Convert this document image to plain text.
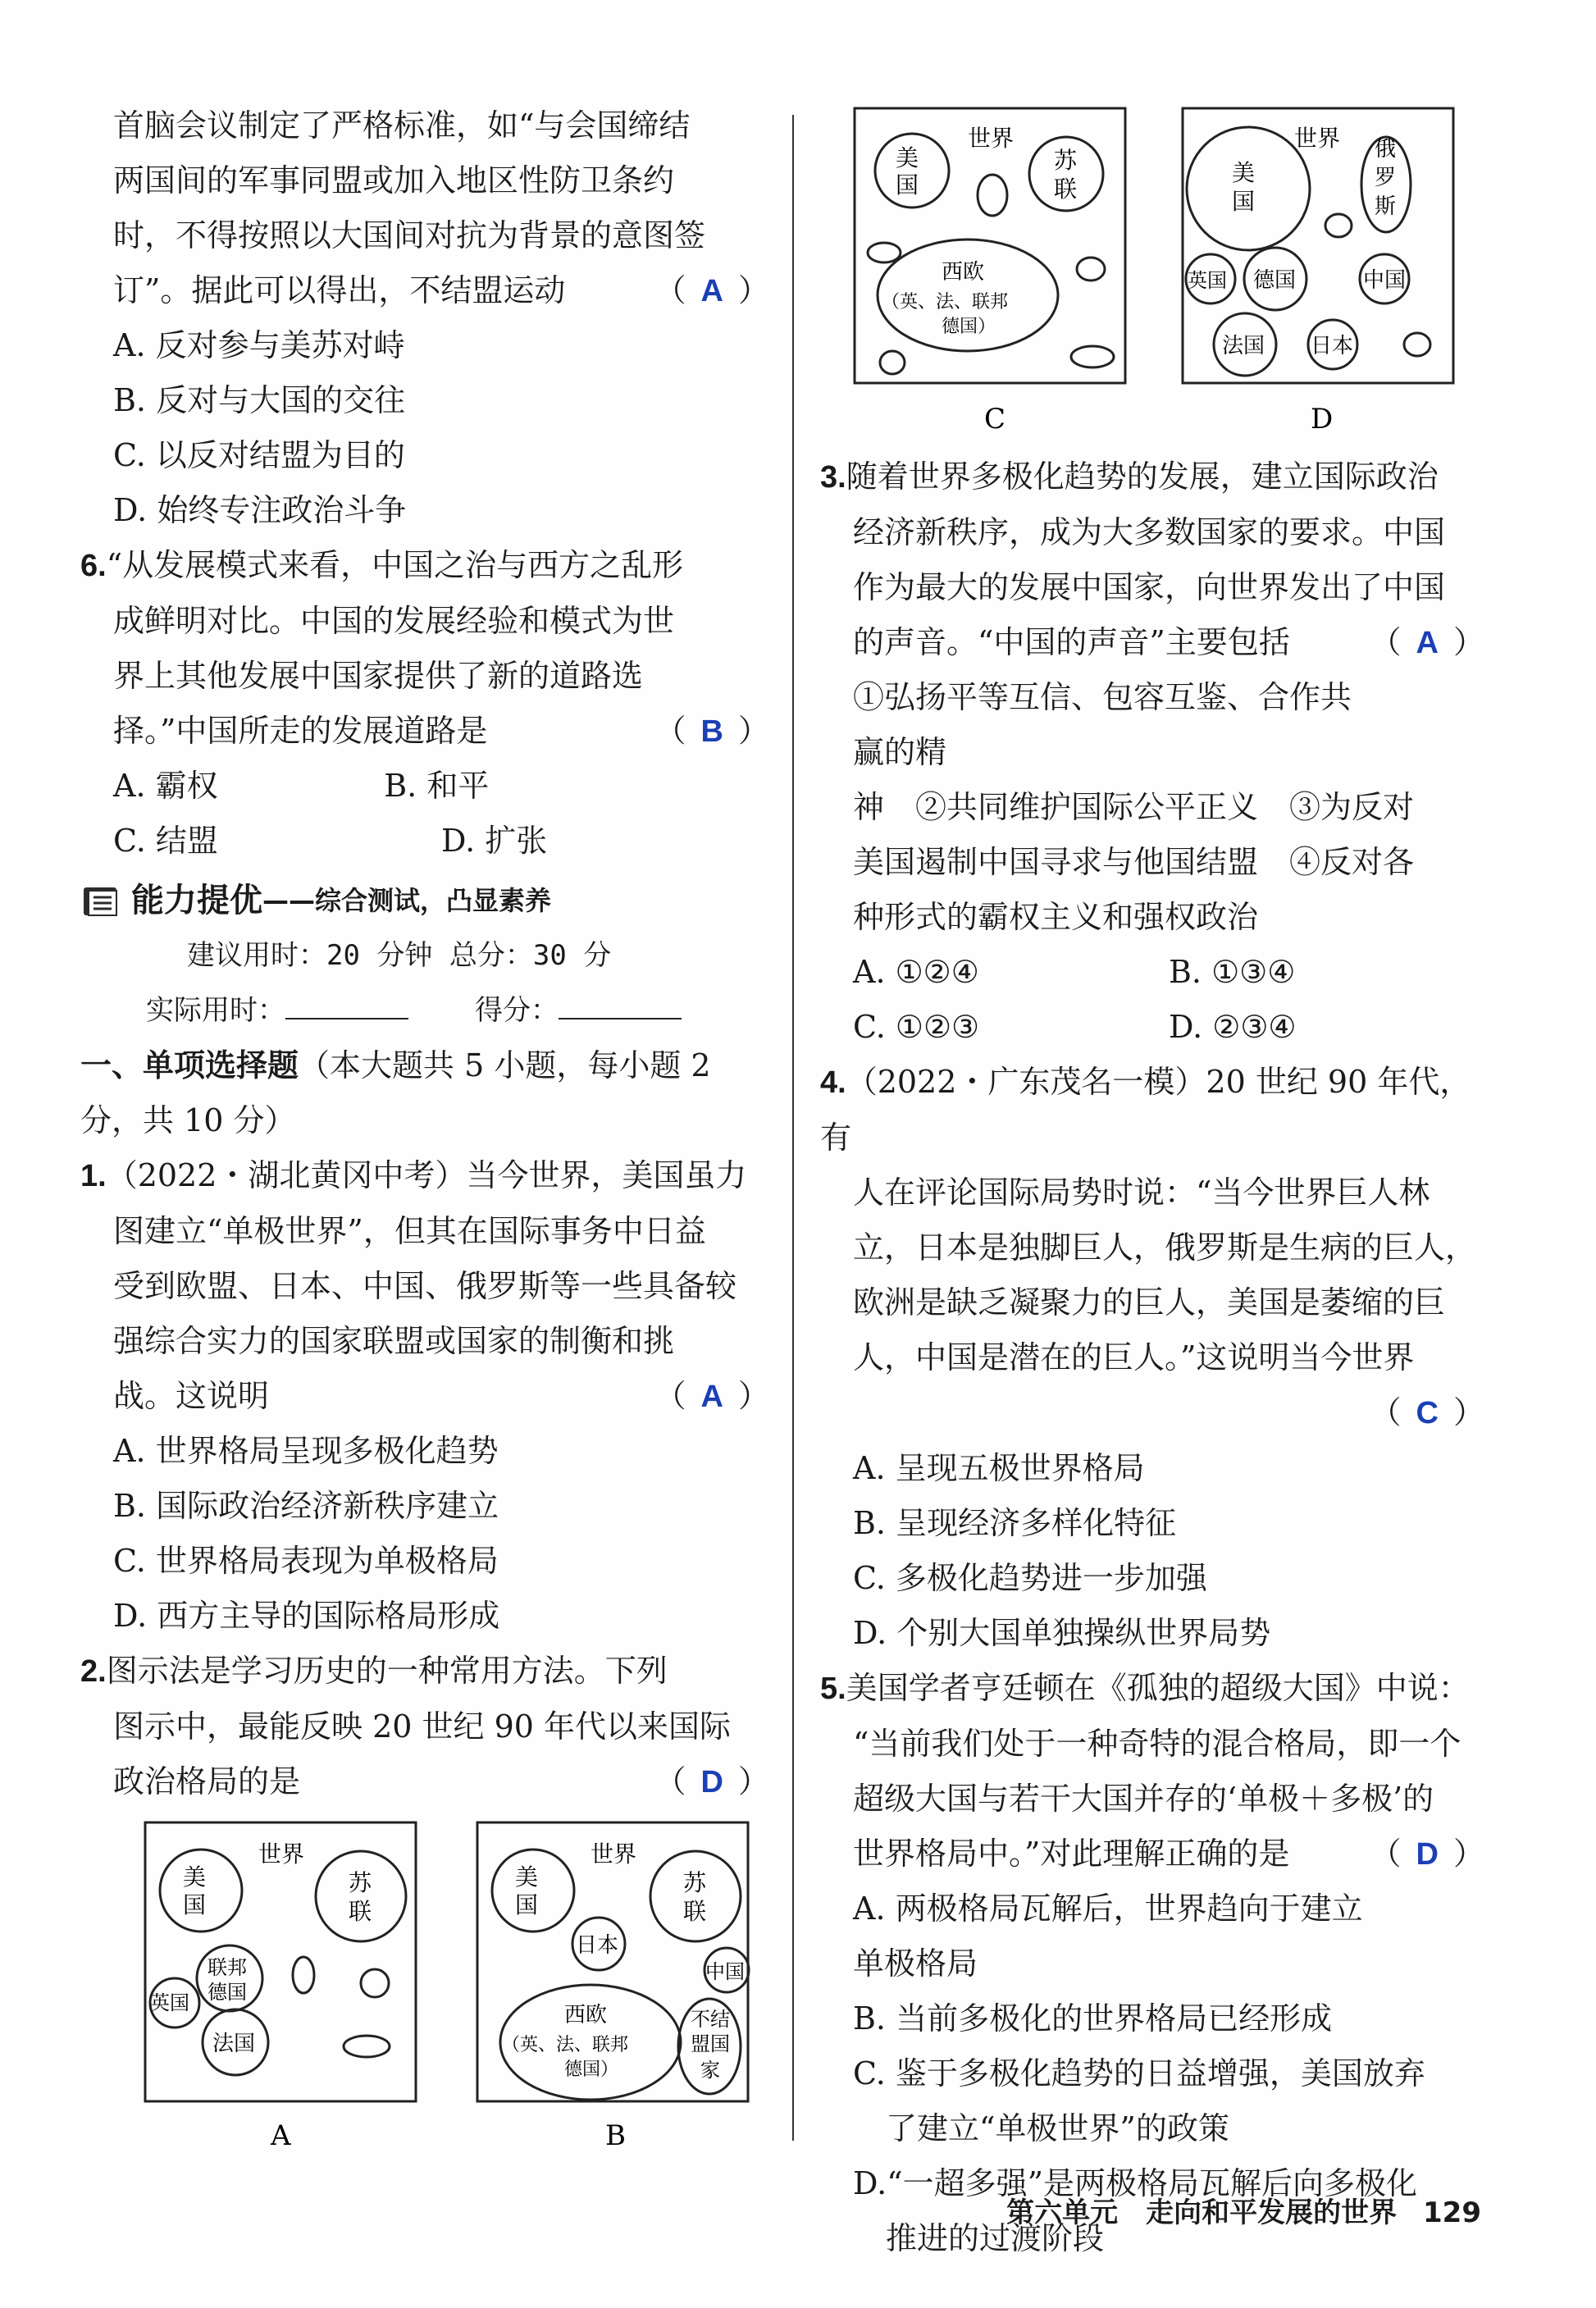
首脑会议制定了严格标准，如“与会国缔结

两国间的军事同盟或加入地区性防卫条约

时，不得按照以大国间对抗为背景的意图签

订”。据此可以得出，不结盟运动	（ A ）

A. 反对参与美苏对峙

B. 反对与大国的交往

C. 以反对结盟为目的

D. 始终专注政治斗争

6.“从发展模式来看，中国之治与西方之乱形

成鲜明对比。中国的发展经验和模式为世

界上其他发展中国家提供了新的道路选

择。”中国所走的发展道路是	（ B ）

A. 霸权	B. 和平
C. 结盟	D. 扩张
能力提优 ——综合测试，凸显素养

建议用时：20 分钟 总分：30 分

实际用时：	得分：

一、单项选择题（本大题共 5 小题，每小题 2 分，共 10 分）

1.（2022・湖北黄冈中考）当今世界，美国虽力

图建立“单极世界”，但其在国际事务中日益

受到欧盟、日本、中国、俄罗斯等一些具备较

强综合实力的国家联盟或国家的制衡和挑

战。这说明	（ A ）

A. 世界格局呈现多极化趋势

B. 国际政治经济新秩序建立

C. 世界格局表现为单极格局

D. 西方主导的国际格局形成

2.图示法是学习历史的一种常用方法。下列

图示中，最能反映 20 世纪 90 年代以来国际

政治格局的是	（ D ）

世界
美
国
苏
联
联邦
德国
英国
法国
A
世界
美
国
苏
联
日本
中国
西欧
（英、法、联邦
德国）
不结
盟国
家
B
世界
美
国
苏
联
西欧
（英、法、联邦
德国）
C
世界
美
国
俄
罗
斯
英国 德国	中国
法国 日本
D

3.随着世界多极化趋势的发展，建立国际政治

经济新秩序，成为大多数国家的要求。中国

作为最大的发展中国家，向世界发出了中国

的声音。“中国的声音”主要包括	（ A ）

①弘扬平等互信、包容互鉴、合作共赢的精

神　②共同维护国际公平正义　③为反对

美国遏制中国寻求与他国结盟　④反对各

种形式的霸权主义和强权政治

A. ①②④	B. ①③④
C. ①②③	D. ②③④

4.（2022・广东茂名一模）20 世纪 90 年代，有

人在评论国际局势时说：“当今世界巨人林

立，日本是独脚巨人，俄罗斯是生病的巨人，

欧洲是缺乏凝聚力的巨人，美国是萎缩的巨

人，中国是潜在的巨人。”这说明当今世界

（ C ）

A. 呈现五极世界格局

B. 呈现经济多样化特征

C. 多极化趋势进一步加强

D. 个别大国单独操纵世界局势

5.美国学者亨廷顿在《孤独的超级大国》中说：

“当前我们处于一种奇特的混合格局，即一个

超级大国与若干大国并存的‘单极＋多极’的

世界格局中。”对此理解正确的是	（ D ）

A. 两极格局瓦解后，世界趋向于建立单极格局

B. 当前多极化的世界格局已经形成

C. 鉴于多极化趋势的日益增强，美国放弃

了建立“单极世界”的政策

D.“一超多强”是两极格局瓦解后向多极化

推进的过渡阶段

第六单元　走向和平发展的世界 129
